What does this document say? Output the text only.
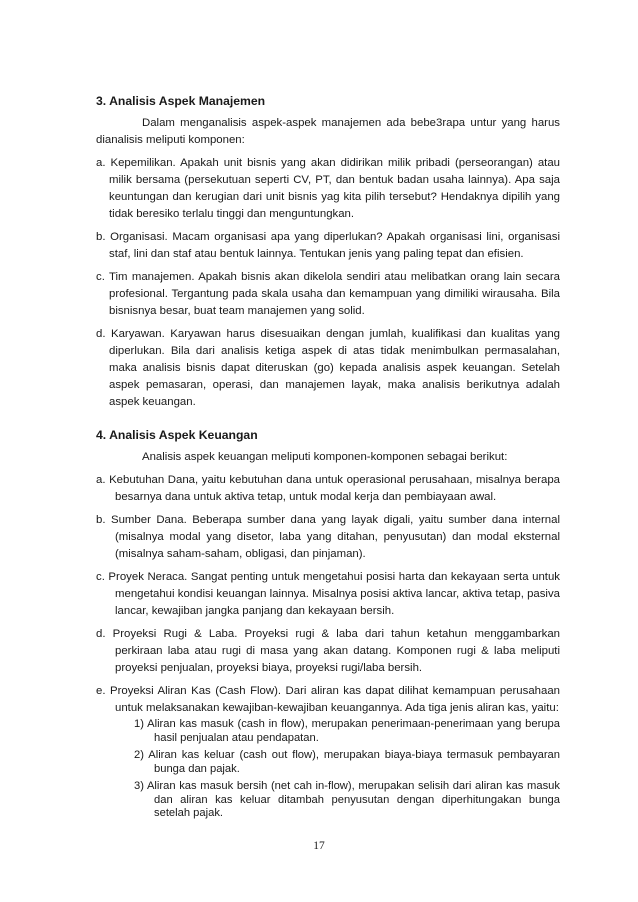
3. Analisis Aspek Manajemen

Dalam menganalisis aspek-aspek manajemen ada bebe3rapa untur yang harus dianalisis meliputi komponen:

a. Kepemilikan. Apakah unit bisnis yang akan didirikan milik pribadi (perseorangan) atau milik bersama (persekutuan seperti CV, PT, dan bentuk badan usaha lainnya). Apa saja keuntungan dan kerugian dari unit bisnis yag kita pilih tersebut? Hendaknya dipilih yang tidak beresiko terlalu tinggi dan menguntungkan.

b. Organisasi. Macam organisasi apa yang diperlukan? Apakah organisasi lini, organisasi staf, lini dan staf atau bentuk lainnya. Tentukan jenis yang paling tepat dan efisien.

c. Tim manajemen. Apakah bisnis akan dikelola sendiri atau melibatkan orang lain secara profesional. Tergantung pada skala usaha dan kemampuan yang dimiliki wirausaha. Bila bisnisnya besar, buat team manajemen yang solid.

d. Karyawan. Karyawan harus disesuaikan dengan jumlah, kualifikasi dan kualitas yang diperlukan. Bila dari analisis ketiga aspek di atas tidak menimbulkan permasalahan, maka analisis bisnis dapat diteruskan (go) kepada analisis aspek keuangan. Setelah aspek pemasaran, operasi, dan manajemen layak, maka analisis berikutnya adalah aspek keuangan.

4. Analisis Aspek Keuangan

Analisis aspek keuangan meliputi komponen-komponen sebagai berikut:

a. Kebutuhan Dana, yaitu kebutuhan dana untuk operasional perusahaan, misalnya berapa besarnya dana untuk aktiva tetap, untuk modal kerja dan pembiayaan awal.

b. Sumber Dana. Beberapa sumber dana yang layak digali, yaitu sumber dana internal (misalnya modal yang disetor, laba yang ditahan, penyusutan) dan modal eksternal (misalnya saham-saham, obligasi, dan pinjaman).

c. Proyek Neraca. Sangat penting untuk mengetahui posisi harta dan kekayaan serta untuk mengetahui kondisi keuangan lainnya. Misalnya posisi aktiva lancar, aktiva tetap, pasiva lancar, kewajiban jangka panjang dan kekayaan bersih.

d. Proyeksi Rugi & Laba. Proyeksi rugi & laba dari tahun ketahun menggambarkan perkiraan laba atau rugi di masa yang akan datang. Komponen rugi & laba meliputi proyeksi penjualan, proyeksi biaya, proyeksi rugi/laba bersih.

e. Proyeksi Aliran Kas (Cash Flow). Dari aliran kas dapat dilihat kemampuan perusahaan untuk melaksanakan kewajiban-kewajiban keuangannya. Ada tiga jenis aliran kas, yaitu:
1) Aliran kas masuk (cash in flow), merupakan penerimaan-penerimaan yang berupa hasil penjualan atau pendapatan.
2) Aliran kas keluar (cash out flow), merupakan biaya-biaya termasuk pembayaran bunga dan pajak.
3) Aliran kas masuk bersih (net cah in-flow), merupakan selisih dari aliran kas masuk dan aliran kas keluar ditambah penyusutan dengan diperhitungakan bunga setelah pajak.
17
